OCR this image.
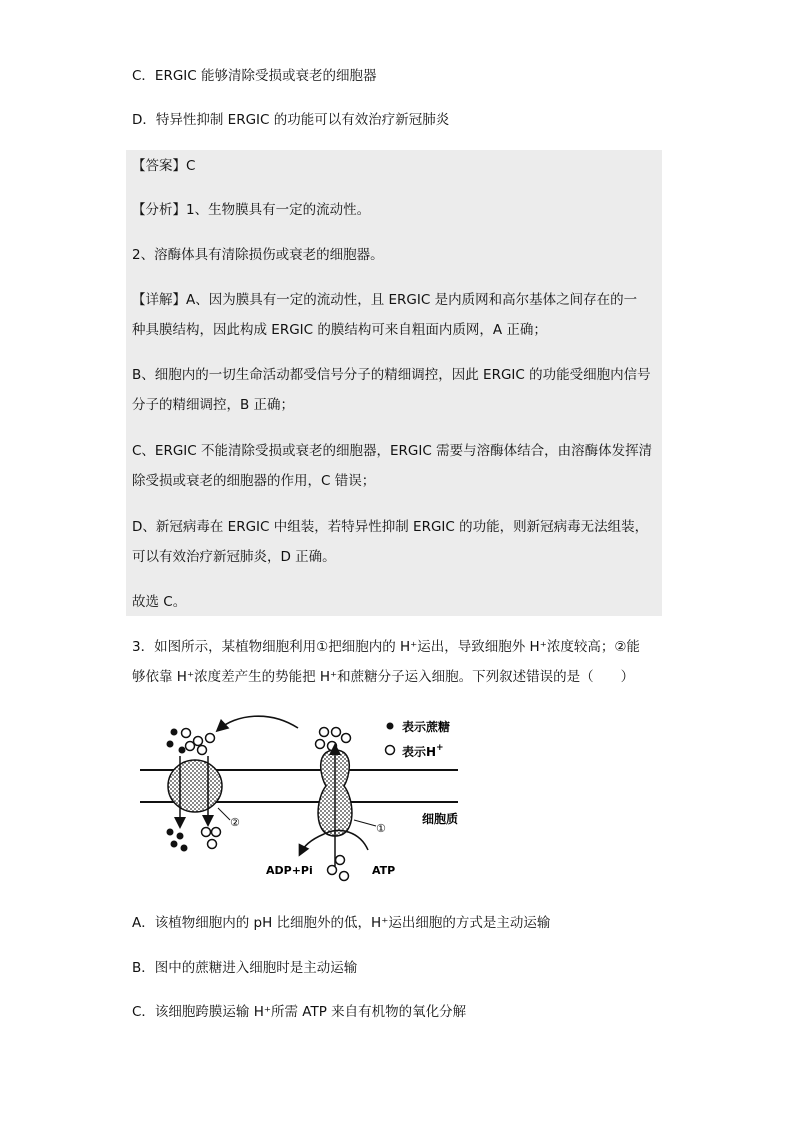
C．ERGIC 能够清除受损或衰老的细胞器
D．特异性抑制 ERGIC 的功能可以有效治疗新冠肺炎
【答案】C
【分析】1、生物膜具有一定的流动性。
2、溶酶体具有清除损伤或衰老的细胞器。
【详解】A、因为膜具有一定的流动性，且 ERGIC 是内质网和高尔基体之间存在的一
种具膜结构，因此构成 ERGIC 的膜结构可来自粗面内质网，A 正确；
B、细胞内的一切生命活动都受信号分子的精细调控，因此 ERGIC 的功能受细胞内信号
分子的精细调控，B 正确；
C、ERGIC 不能清除受损或衰老的细胞器，ERGIC 需要与溶酶体结合，由溶酶体发挥清
除受损或衰老的细胞器的作用，C 错误；
D、新冠病毒在 ERGIC 中组装，若特异性抑制 ERGIC 的功能，则新冠病毒无法组装，
可以有效治疗新冠肺炎，D 正确。
故选 C。
3．如图所示，某植物细胞利用①把细胞内的 H⁺运出，导致细胞外 H⁺浓度较高；②能
够依靠 H⁺浓度差产生的势能把 H⁺和蔗糖分子运入细胞。下列叙述错误的是（　　）
②	①
ADP+Pi	ATP
表示蔗糖
表示H+
细胞质
A．该植物细胞内的 pH 比细胞外的低，H⁺运出细胞的方式是主动运输
B．图中的蔗糖进入细胞时是主动运输
C．该细胞跨膜运输 H⁺所需 ATP 来自有机物的氧化分解
